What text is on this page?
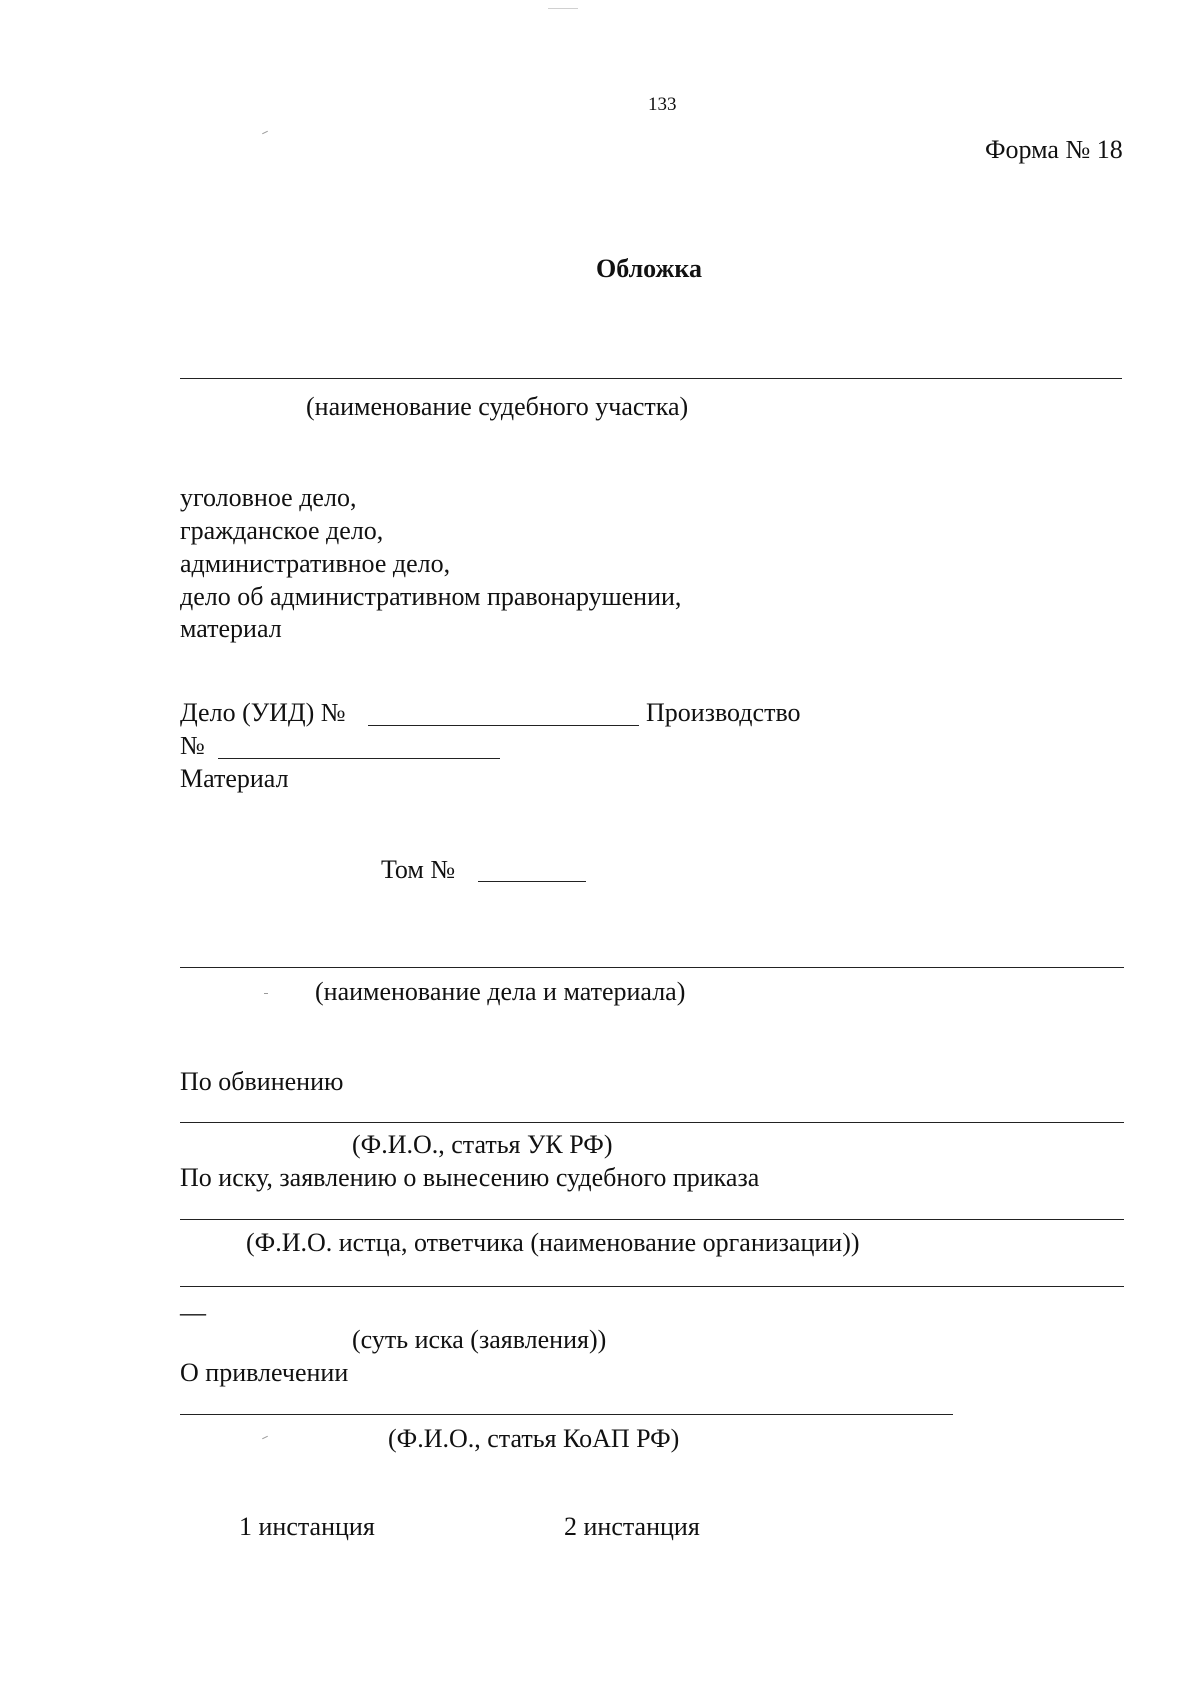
133
Форма № 18
Обложка
(наименование судебного участка)
уголовное дело,
гражданское дело,
административное дело,
дело об административном правонарушении,
материал
Дело (УИД) №	Производство
№
Материал
Том №
(наименование дела и материала)
По обвинению
(Ф.И.О., статья УК РФ)
По иску, заявлению о вынесению судебного приказа
(Ф.И.О. истца, ответчика (наименование организации))
—
(суть иска (заявления))
О привлечении
(Ф.И.О., статья КоАП РФ)
1 инстанция	2 инстанция
